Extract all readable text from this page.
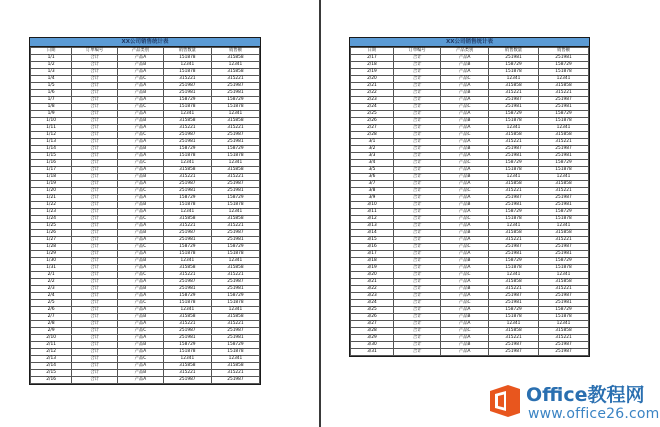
XX公司销售统计表
日期	订单编号	产品类别	销售数量	销售额
1/1	合计	产品A	151878	315858
1/2	合计	产品B	12341	12341
1/3	合计	产品A	151878	315858
1/4	合计	产品C	315221	315221
1/5	合计	产品A	251987	251987
1/6	合计	产品B	251981	251981
1/7	合计	产品A	158729	158729
1/8	合计	产品C	151878	151878
1/9	合计	产品A	12341	12341
1/10	合计	产品B	315858	315858
1/11	合计	产品A	315221	315221
1/12	合计	产品C	251987	251987
1/13	合计	产品A	251981	251981
1/14	合计	产品B	158729	158729
1/15	合计	产品A	151878	151878
1/16	合计	产品C	12341	12341
1/17	合计	产品A	315858	315858
1/18	合计	产品B	315221	315221
1/19	合计	产品A	251987	251987
1/20	合计	产品C	251981	251981
1/21	合计	产品A	158729	158729
1/22	合计	产品B	151878	151878
1/23	合计	产品A	12341	12341
1/24	合计	产品C	315858	315858
1/25	合计	产品A	315221	315221
1/26	合计	产品B	251987	251987
1/27	合计	产品A	251981	251981
1/28	合计	产品C	158729	158729
1/29	合计	产品A	151878	151878
1/30	合计	产品B	12341	12341
1/31	合计	产品A	315858	315858
2/1	合计	产品C	315221	315221
2/2	合计	产品A	251987	251987
2/3	合计	产品B	251981	251981
2/4	合计	产品A	158729	158729
2/5	合计	产品C	151878	151878
2/6	合计	产品A	12341	12341
2/7	合计	产品B	315858	315858
2/8	合计	产品A	315221	315221
2/9	合计	产品C	251987	251987
2/10	合计	产品A	251981	251981
2/11	合计	产品B	158729	158729
2/12	合计	产品A	151878	151878
2/13	合计	产品C	12341	12341
2/14	合计	产品A	315858	315858
2/15	合计	产品B	315221	315221
2/16	合计	产品A	251987	251987
XX公司销售统计表
日期	订单编号	产品类别	销售数量	销售额
2/17	合计	产品A	251981	251981
2/18	合计	产品B	158729	158729
2/19	合计	产品A	151878	151878
2/20	合计	产品C	12341	12341
2/21	合计	产品A	315858	315858
2/22	合计	产品B	315221	315221
2/23	合计	产品A	251987	251987
2/24	合计	产品C	251981	251981
2/25	合计	产品A	158729	158729
2/26	合计	产品B	151878	151878
2/27	合计	产品A	12341	12341
2/28	合计	产品C	315858	315858
3/1	合计	产品A	315221	315221
3/2	合计	产品B	251987	251987
3/3	合计	产品A	251981	251981
3/4	合计	产品C	158729	158729
3/5	合计	产品A	151878	151878
3/6	合计	产品B	12341	12341
3/7	合计	产品A	315858	315858
3/8	合计	产品C	315221	315221
3/9	合计	产品A	251987	251987
3/10	合计	产品B	251981	251981
3/11	合计	产品A	158729	158729
3/12	合计	产品C	151878	151878
3/13	合计	产品A	12341	12341
3/14	合计	产品B	315858	315858
3/15	合计	产品A	315221	315221
3/16	合计	产品C	251987	251987
3/17	合计	产品A	251981	251981
3/18	合计	产品B	158729	158729
3/19	合计	产品A	151878	151878
3/20	合计	产品C	12341	12341
3/21	合计	产品A	315858	315858
3/22	合计	产品B	315221	315221
3/23	合计	产品A	251987	251987
3/24	合计	产品C	251981	251981
3/25	合计	产品A	158729	158729
3/26	合计	产品B	151878	151878
3/27	合计	产品A	12341	12341
3/28	合计	产品C	315858	315858
3/29	合计	产品A	315221	315221
3/30	合计	产品B	251987	251987
3/31	合计	产品A	251987	251987
Office教程网
www.office26.com
